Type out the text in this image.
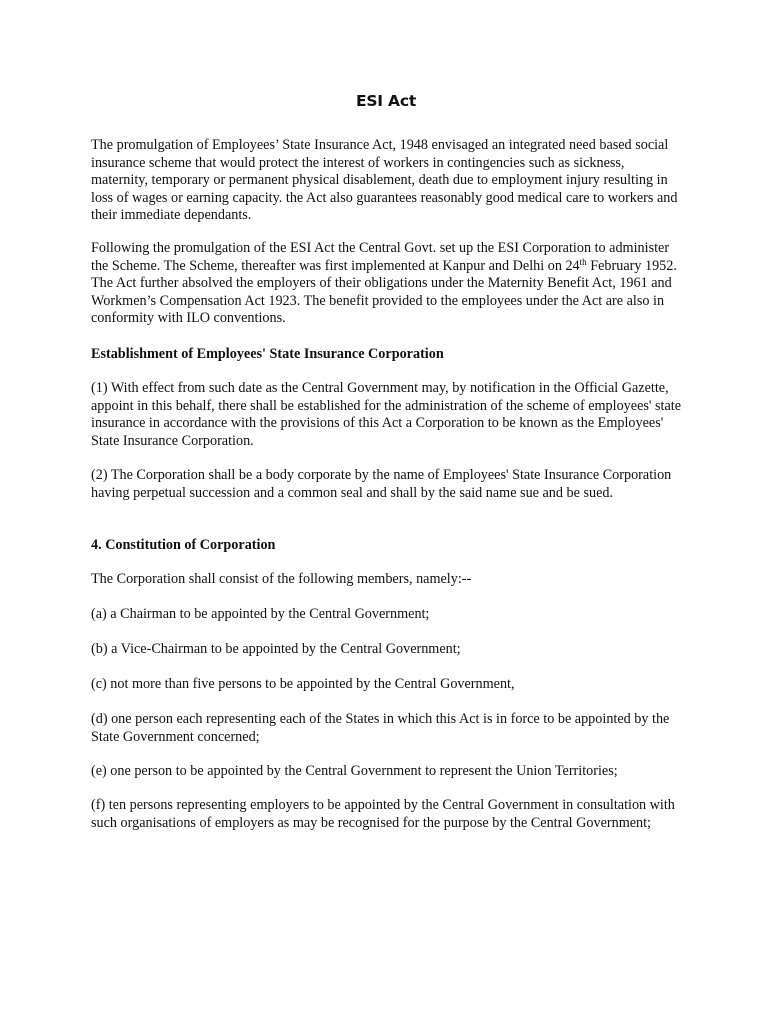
ESI Act

The promulgation of Employees’ State Insurance Act, 1948 envisaged an integrated need based social insurance scheme that would protect the interest of workers in contingencies such as sickness, maternity, temporary or permanent physical disablement, death due to employment injury resulting in loss of wages or earning capacity. the Act also guarantees reasonably good medical care to workers and their immediate dependants.

Following the promulgation of the ESI Act the Central Govt. set up the ESI Corporation to administer the Scheme. The Scheme, thereafter was first implemented at Kanpur and Delhi on 24th February 1952. The Act further absolved the employers of their obligations under the Maternity Benefit Act, 1961 and Workmen’s Compensation Act 1923. The benefit provided to the employees under the Act are also in conformity with ILO conventions.

Establishment of Employees' State Insurance Corporation

(1) With effect from such date as the Central Government may, by notification in the Official Gazette, appoint in this behalf, there shall be established for the administration of the scheme of employees' state insurance in accordance with the provisions of this Act a Corporation to be known as the Employees' State Insurance Corporation.

(2) The Corporation shall be a body corporate by the name of Employees' State Insurance Corporation having perpetual succession and a common seal and shall by the said name sue and be sued.

4. Constitution of Corporation

The Corporation shall consist of the following members, namely:--

(a) a Chairman to be appointed by the Central Government;

(b) a Vice-Chairman to be appointed by the Central Government;

(c) not more than five persons to be appointed by the Central Government,

(d) one person each representing each of the States in which this Act is in force to be appointed by the State Government concerned;

(e) one person to be appointed by the Central Government to represent the Union Territories;

(f) ten persons representing employers to be appointed by the Central Government in consultation with such organisations of employers as may be recognised for the purpose by the Central Government;
